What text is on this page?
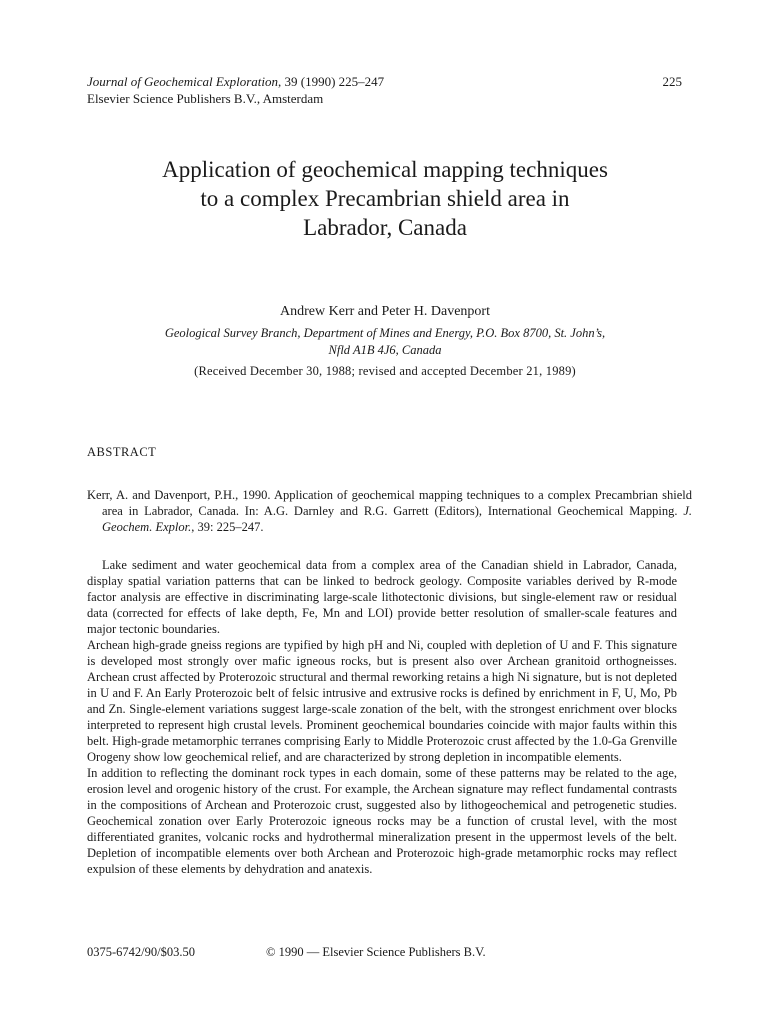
Journal of Geochemical Exploration, 39 (1990) 225–247
Elsevier Science Publishers B.V., Amsterdam
225
Application of geochemical mapping techniques
to a complex Precambrian shield area in
Labrador, Canada
Andrew Kerr and Peter H. Davenport
Geological Survey Branch, Department of Mines and Energy, P.O. Box 8700, St. John’s,
Nfld A1B 4J6, Canada
(Received December 30, 1988; revised and accepted December 21, 1989)
ABSTRACT
Kerr, A. and Davenport, P.H., 1990. Application of geochemical mapping techniques to a complex Precambrian shield area in Labrador, Canada. In: A.G. Darnley and R.G. Garrett (Editors), International Geochemical Mapping. J. Geochem. Explor., 39: 225–247.

Lake sediment and water geochemical data from a complex area of the Canadian shield in Labrador, Canada, display spatial variation patterns that can be linked to bedrock geology. Composite variables derived by R-mode factor analysis are effective in discriminating large-scale lithotectonic divisions, but single-element raw or residual data (corrected for effects of lake depth, Fe, Mn and LOI) provide better resolution of smaller-scale features and major tectonic boundaries.

Archean high-grade gneiss regions are typified by high pH and Ni, coupled with depletion of U and F. This signature is developed most strongly over mafic igneous rocks, but is present also over Archean granitoid orthogneisses. Archean crust affected by Proterozoic structural and thermal reworking retains a high Ni signature, but is not depleted in U and F. An Early Proterozoic belt of felsic intrusive and extrusive rocks is defined by enrichment in F, U, Mo, Pb and Zn. Single-element variations suggest large-scale zonation of the belt, with the strongest enrichment over blocks interpreted to represent high crustal levels. Prominent geochemical boundaries coincide with major faults within this belt. High-grade metamorphic terranes comprising Early to Middle Proterozoic crust affected by the 1.0-Ga Grenville Orogeny show low geochemical relief, and are characterized by strong depletion in incompatible elements.

In addition to reflecting the dominant rock types in each domain, some of these patterns may be related to the age, erosion level and orogenic history of the crust. For example, the Archean signature may reflect fundamental contrasts in the compositions of Archean and Proterozoic crust, suggested also by lithogeochemical and petrogenetic studies. Geochemical zonation over Early Proterozoic igneous rocks may be a function of crustal level, with the most differentiated granites, volcanic rocks and hydrothermal mineralization present in the uppermost levels of the belt. Depletion of incompatible elements over both Archean and Proterozoic high-grade metamorphic rocks may reflect expulsion of these elements by dehydration and anatexis.

0375-6742/90/$03.50	© 1990 — Elsevier Science Publishers B.V.
